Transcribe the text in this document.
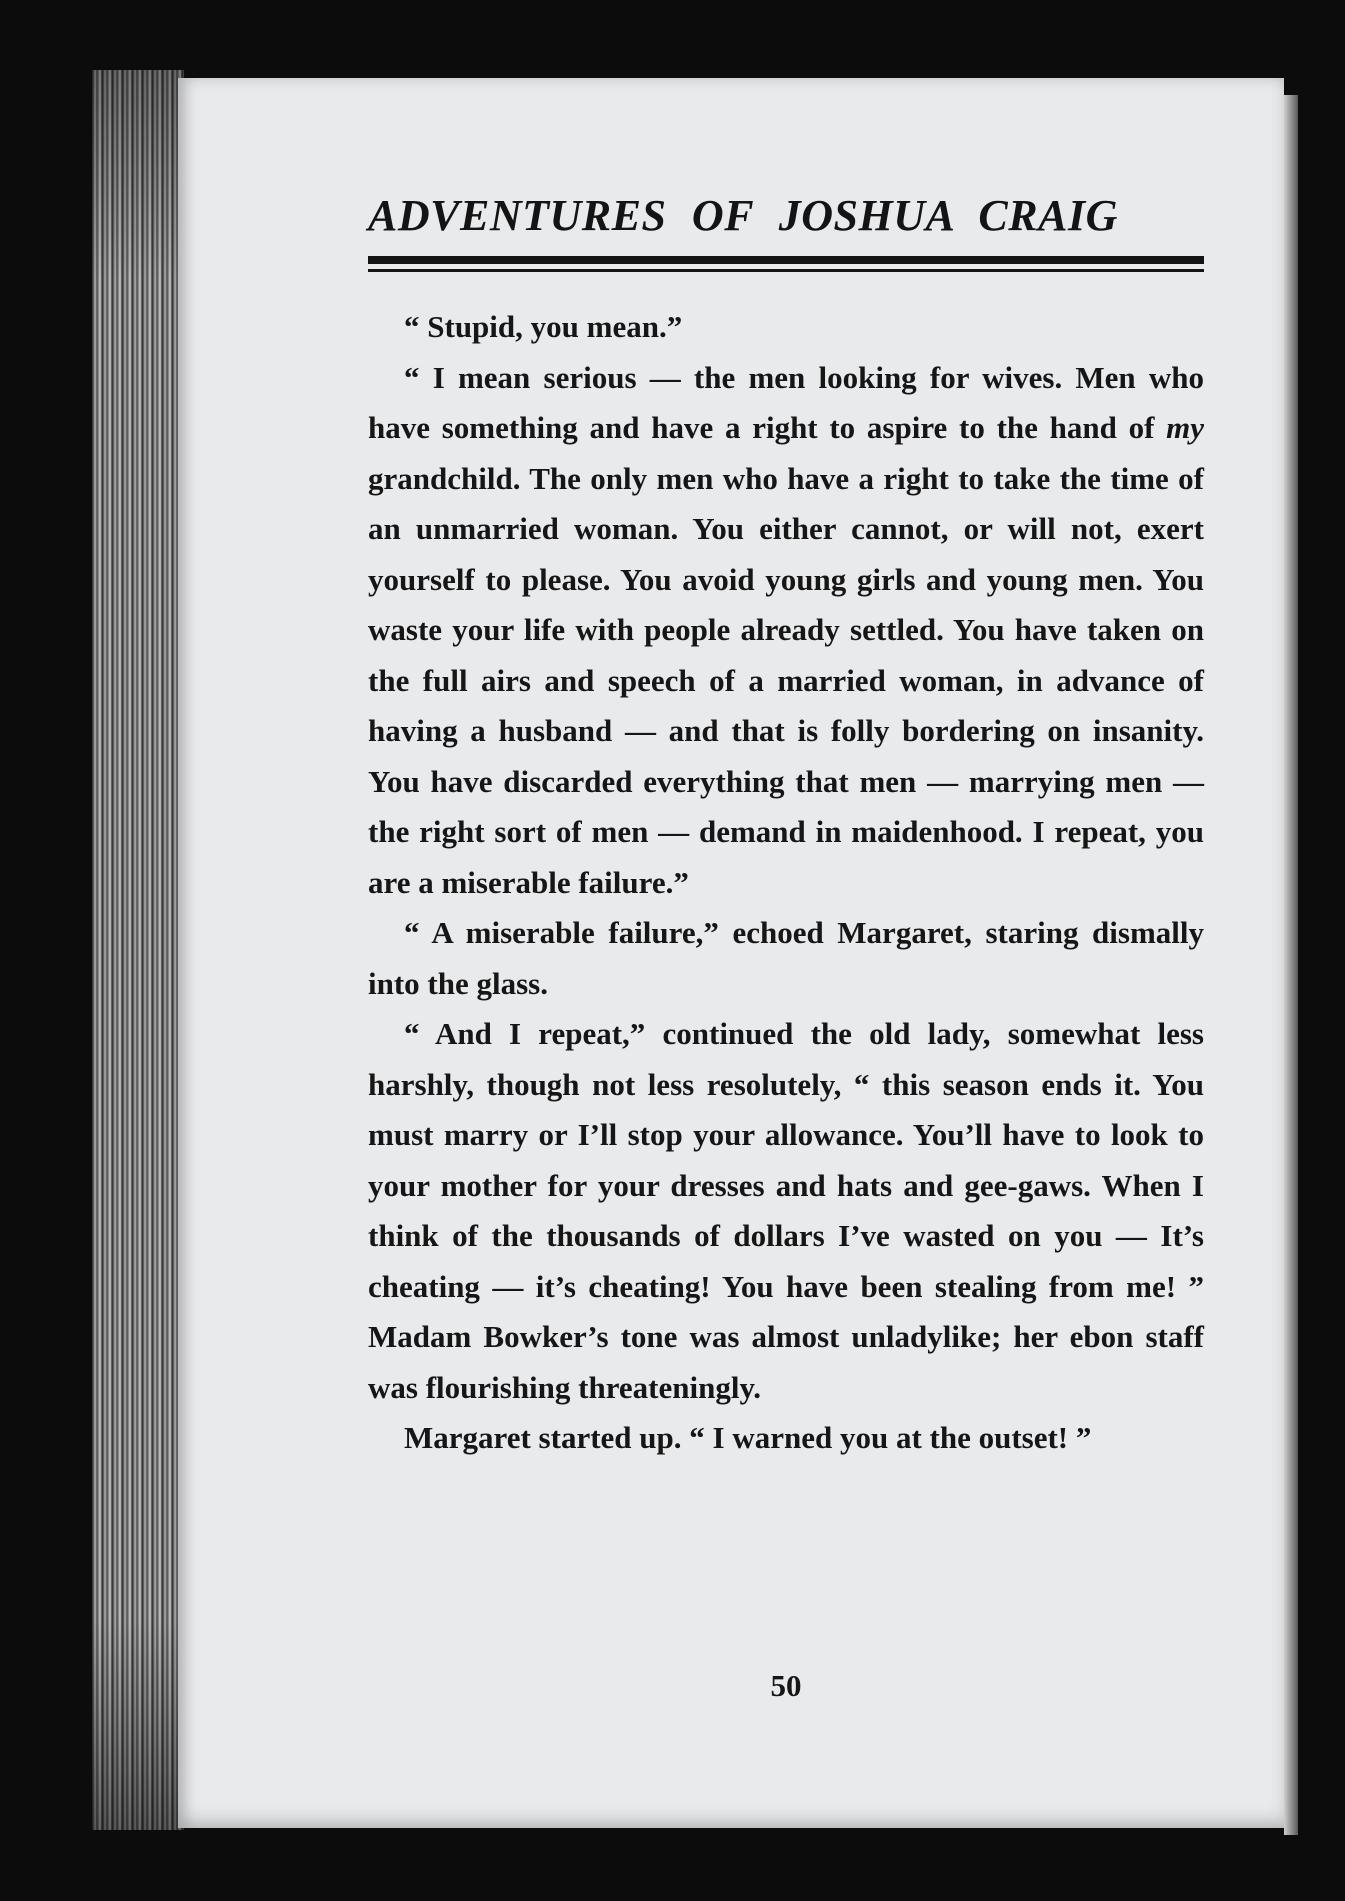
ADVENTURES OF JOSHUA CRAIG

“ Stupid, you mean.”

“ I mean serious — the men looking for wives. Men who have something and have a right to aspire to the hand of my grandchild. The only men who have a right to take the time of an unmarried woman. You either cannot, or will not, exert yourself to please. You avoid young girls and young men. You waste your life with people already settled. You have taken on the full airs and speech of a married woman, in advance of having a husband — and that is folly bordering on insanity. You have discarded everything that men — marrying men — the right sort of men — demand in maidenhood. I repeat, you are a miserable failure.”

“ A miserable failure,” echoed Margaret, staring dismally into the glass.

“ And I repeat,” continued the old lady, somewhat less harshly, though not less resolutely, “ this season ends it. You must marry or I’ll stop your allowance. You’ll have to look to your mother for your dresses and hats and gee-gaws. When I think of the thousands of dollars I’ve wasted on you — It’s cheating — it’s cheating! You have been stealing from me! ” Madam Bowker’s tone was almost unladylike; her ebon staff was flourishing threateningly.

Margaret started up. “ I warned you at the outset! ”

50
